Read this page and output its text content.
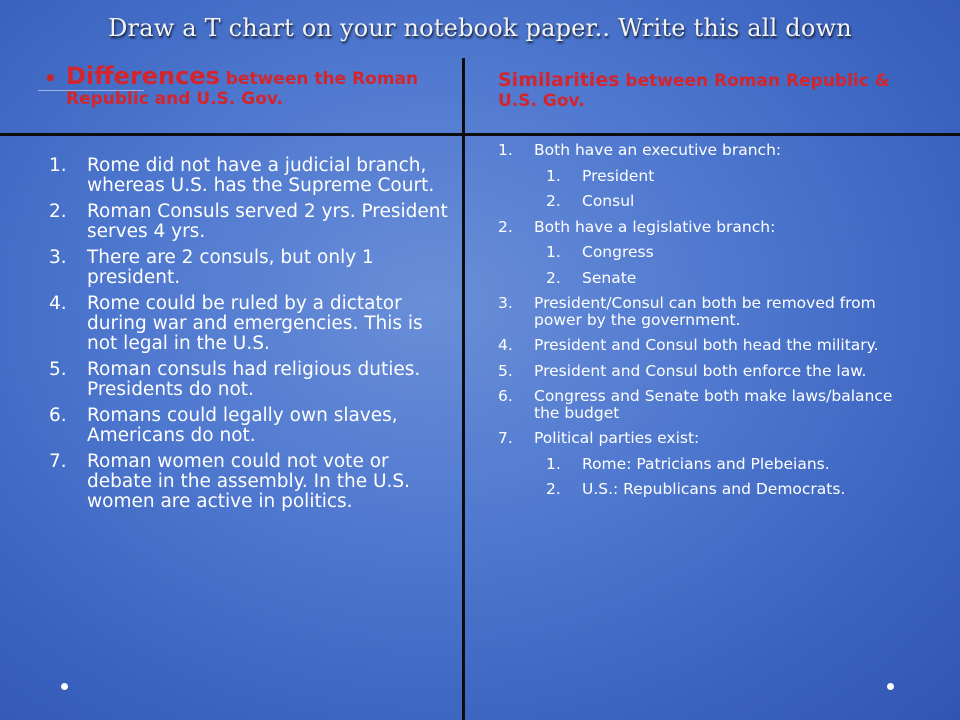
Draw a T chart on your notebook paper.. Write this all down
• Differences between the Roman Republic and U.S. Gov.
Similarities between Roman Republic & U.S. Gov.
1. Rome did not have a judicial branch, whereas U.S. has the Supreme Court.
2. Roman Consuls served 2 yrs. President serves 4 yrs.
3. There are 2 consuls, but only 1 president.
4. Rome could be ruled by a dictator during war and emergencies. This is not legal in the U.S.
5. Roman consuls had religious duties. Presidents do not.
6. Romans could legally own slaves, Americans do not.
7. Roman women could not vote or debate in the assembly. In the U.S. women are active in politics.
1. Both have an executive branch:
1. President
2. Consul
2. Both have a legislative branch:
1. Congress
2. Senate
3. President/Consul can both be removed from power by the government.
4. President and Consul both head the military.
5. President and Consul both enforce the law.
6. Congress and Senate both make laws/balance the budget
7. Political parties exist:
1. Rome: Patricians and Plebeians.
2. U.S.: Republicans and Democrats.
